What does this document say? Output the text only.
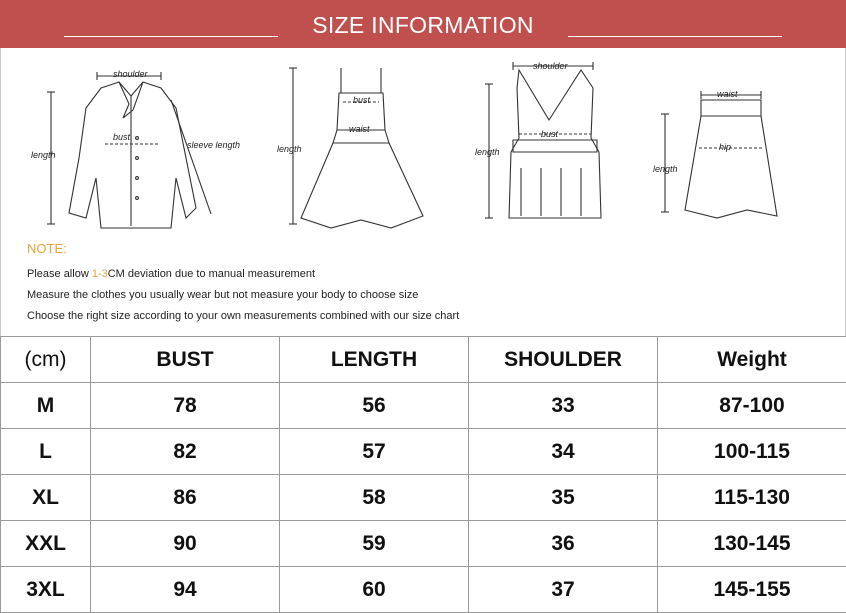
SIZE INFORMATION
shoulder
bust
sleeve length
length
bust
waist
length
shoulder
bust
length
waist
hip
length
NOTE:
Please allow 1-3CM deviation due to manual measurement
Measure the clothes you usually wear but not measure your body to choose size
Choose the right size according to your own measurements combined with our size chart
(cm)	BUST	LENGTH	SHOULDER	Weight
M	78	56	33	87-100
L	82	57	34	100-115
XL	86	58	35	115-130
XXL	90	59	36	130-145
3XL	94	60	37	145-155
